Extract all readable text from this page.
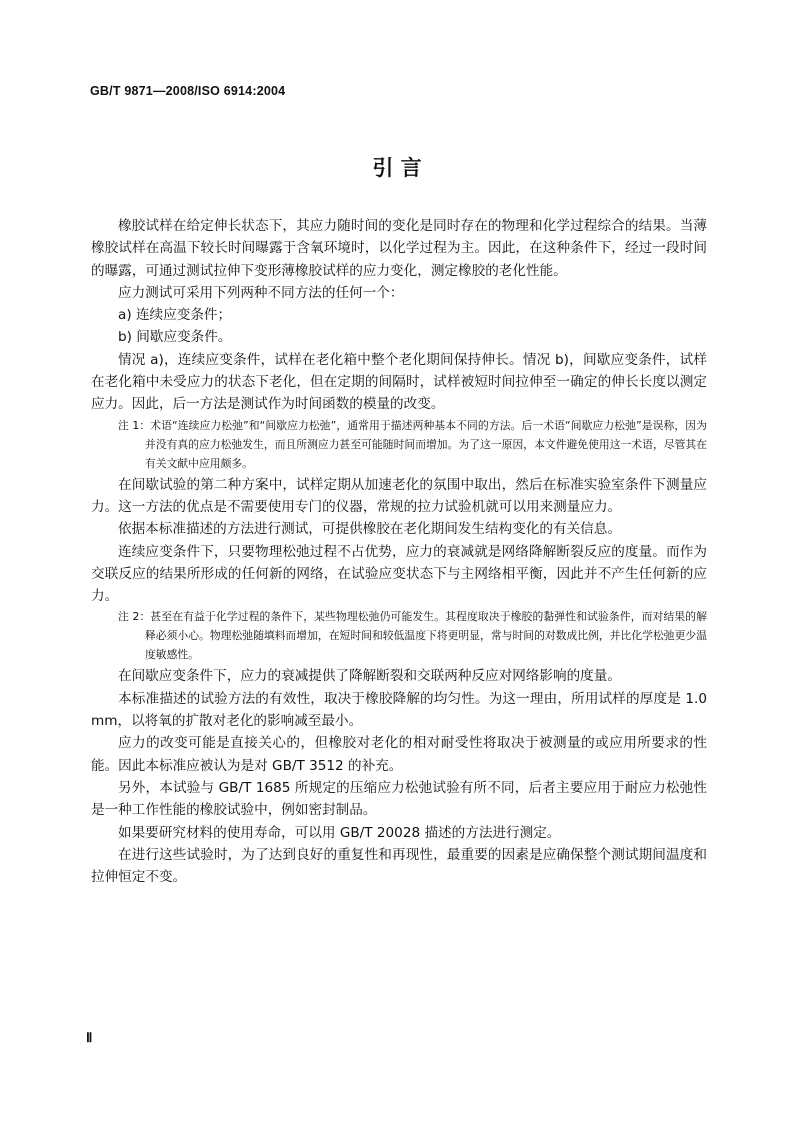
GB/T 9871—2008/ISO 6914:2004
引 言

橡胶试样在给定伸长状态下，其应力随时间的变化是同时存在的物理和化学过程综合的结果。当薄橡胶试样在高温下较长时间曝露于含氧环境时，以化学过程为主。因此，在这种条件下，经过一段时间的曝露，可通过测试拉伸下变形薄橡胶试样的应力变化，测定橡胶的老化性能。

应力测试可采用下列两种不同方法的任何一个：

a) 连续应变条件；

b) 间歇应变条件。

情况 a)，连续应变条件，试样在老化箱中整个老化期间保持伸长。情况 b)，间歇应变条件，试样在老化箱中未受应力的状态下老化，但在定期的间隔时，试样被短时间拉伸至一确定的伸长长度以测定应力。因此，后一方法是测试作为时间函数的模量的改变。

注 1：术语“连续应力松弛”和“间歇应力松弛”，通常用于描述两种基本不同的方法。后一术语“间歇应力松弛”是误称，因为并没有真的应力松弛发生，而且所测应力甚至可能随时间而增加。为了这一原因，本文件避免使用这一术语，尽管其在有关文献中应用颇多。

在间歇试验的第二种方案中，试样定期从加速老化的氛围中取出，然后在标准实验室条件下测量应力。这一方法的优点是不需要使用专门的仪器，常规的拉力试验机就可以用来测量应力。

依据本标准描述的方法进行测试，可提供橡胶在老化期间发生结构变化的有关信息。

连续应变条件下，只要物理松弛过程不占优势，应力的衰减就是网络降解断裂反应的度量。而作为交联反应的结果所形成的任何新的网络，在试验应变状态下与主网络相平衡，因此并不产生任何新的应力。

注 2：甚至在有益于化学过程的条件下，某些物理松弛仍可能发生。其程度取决于橡胶的黏弹性和试验条件，而对结果的解释必须小心。物理松弛随填料而增加，在短时间和较低温度下将更明显，常与时间的对数成比例，并比化学松弛更少温度敏感性。

在间歇应变条件下，应力的衰减提供了降解断裂和交联两种反应对网络影响的度量。

本标准描述的试验方法的有效性，取决于橡胶降解的均匀性。为这一理由，所用试样的厚度是 1.0 mm，以将氧的扩散对老化的影响减至最小。

应力的改变可能是直接关心的，但橡胶对老化的相对耐受性将取决于被测量的或应用所要求的性能。因此本标准应被认为是对 GB/T 3512 的补充。

另外，本试验与 GB/T 1685 所规定的压缩应力松弛试验有所不同，后者主要应用于耐应力松弛性是一种工作性能的橡胶试验中，例如密封制品。

如果要研究材料的使用寿命，可以用 GB/T 20028 描述的方法进行测定。

在进行这些试验时，为了达到良好的重复性和再现性，最重要的因素是应确保整个测试期间温度和拉伸恒定不变。

Ⅱ
